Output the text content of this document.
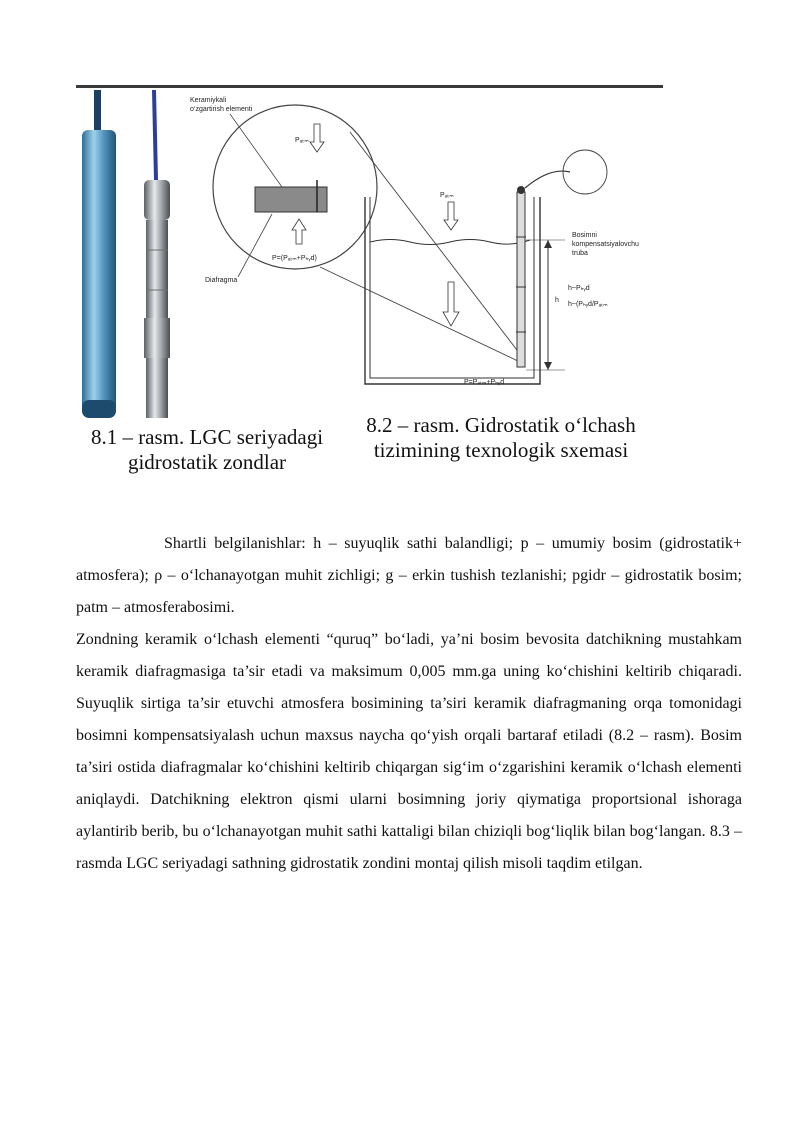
Keramiykali
o‘zgartirish elementi
Pₐₜₘ
P=(Pₐₜₘ+Pₕᵧd)
Diafragma
Pₐₜₘ
h
Bosimni
kompensatsiyalovchu
truba
h~Pₕᵧd
h~(Pₕᵧd/Pₐₜₘ
P=Pₐₜₘ+Pₕᵧd
8.1 – rasm. LGC seriyadagi
gidrostatik zondlar
8.2 – rasm. Gidrostatik o‘lchash
tizimining texnologik sxemasi

Shartli belgilanishlar: h – suyuqlik sathi balandligi; p – umumiy bosim (gidrostatik+ atmosfera); ρ – o‘lchanayotgan muhit zichligi; g – erkin tushish tezlanishi; pgidr – gidrostatik bosim; patm – atmosferabosimi.

Zondning keramik o‘lchash elementi “quruq” bo‘ladi, ya’ni bosim bevosita datchikning mustahkam keramik diafragmasiga ta’sir etadi va maksimum 0,005 mm.ga uning ko‘chishini keltirib chiqaradi. Suyuqlik sirtiga ta’sir etuvchi atmosfera bosimining ta’siri keramik diafragmaning orqa tomonidagi bosimni kompensatsiyalash uchun maxsus naycha qo‘yish orqali bartaraf etiladi (8.2 – rasm). Bosim ta’siri ostida diafragmalar ko‘chishini keltirib chiqargan sig‘im o‘zgarishini keramik o‘lchash elementi aniqlaydi. Datchikning elektron qismi ularni bosimning joriy qiymatiga proportsional ishoraga aylantirib berib, bu o‘lchanayotgan muhit sathi kattaligi bilan chiziqli bog‘liqlik bilan bog‘langan. 8.3 – rasmda LGC seriyadagi sathning gidrostatik zondini montaj qilish misoli taqdim etilgan.
